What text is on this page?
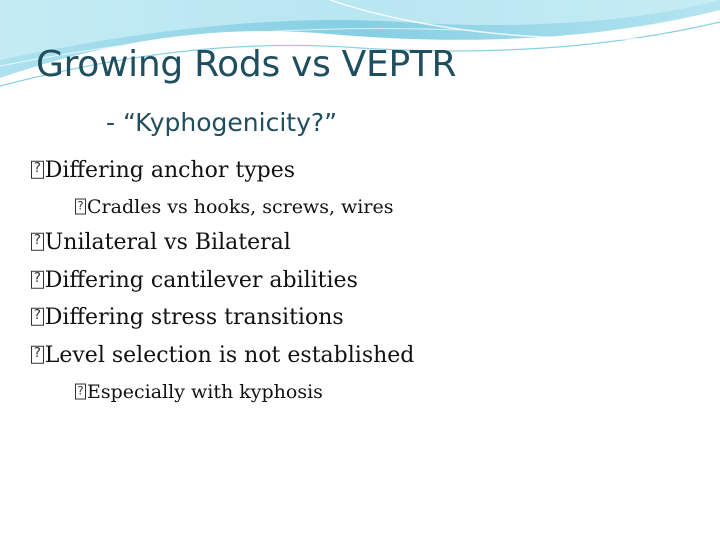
Growing Rods vs VEPTR
- “Kyphogenicity?”
?
Differing anchor types
?
Cradles vs hooks, screws, wires
?
Unilateral vs Bilateral
?
Differing cantilever abilities
?
Differing stress transitions
?
Level selection is not established
?
Especially with kyphosis
